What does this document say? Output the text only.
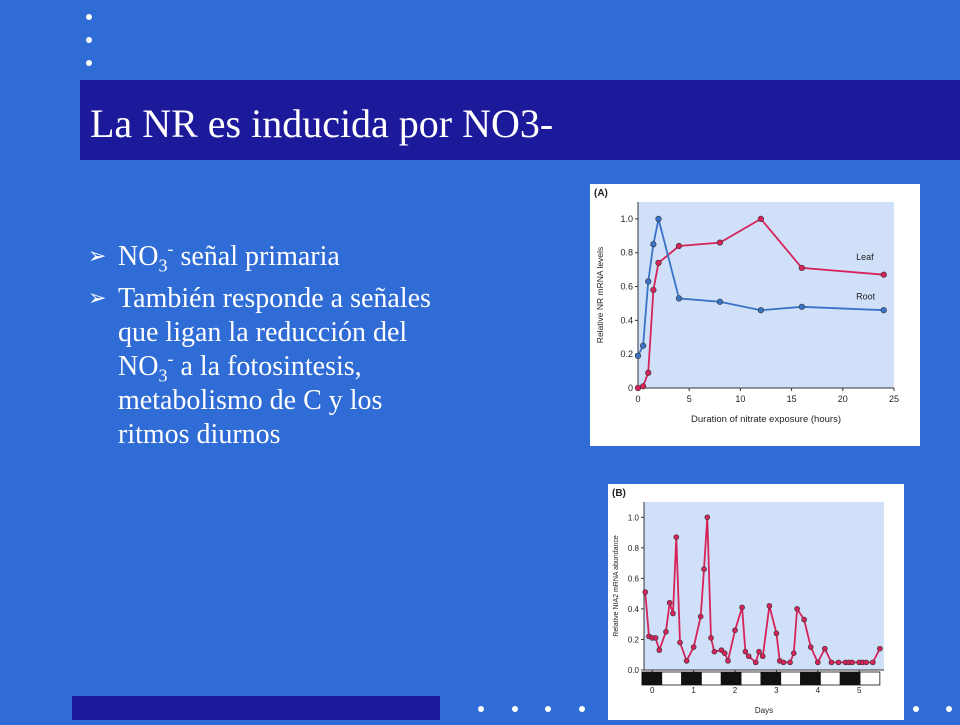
La NR es inducida por NO3-
➢ $NO_3^-$ señal primaria
➢ También responde a señales que ligan la reducción del $NO_3^-$ a la fotosintesis, metabolismo de C y los ritmos diurnos
(A)
0
0.2
0.4
0.6
0.8
1.0
0	5	10	15	20	25
Duration of nitrate exposure (hours)
Relative NR mRNA levels	Leaf
Root
(B)
0.0
0.2
0.4
0.6
0.8
1.0
0	1	2	3	4	5
Days
Relative NIA2 mRNA abundance
